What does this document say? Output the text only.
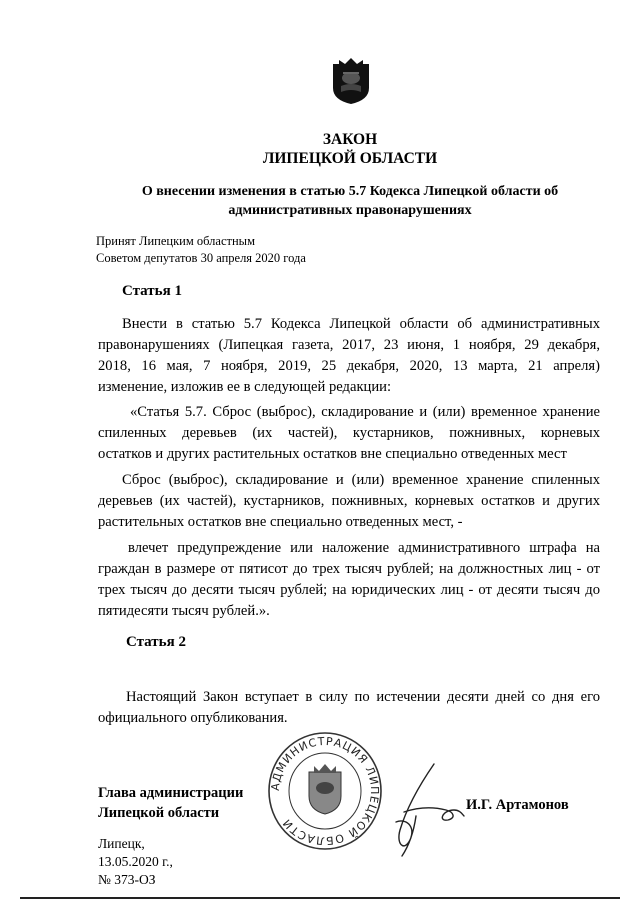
ЗАКОН
ЛИПЕЦКОЙ ОБЛАСТИ
О внесении изменения в статью 5.7 Кодекса Липецкой области об
административных правонарушениях
Принят Липецким областным
Советом депутатов 30 апреля 2020 года
Статья 1
Внести в статью 5.7 Кодекса Липецкой области об административных
правонарушениях (Липецкая газета, 2017, 23 июня, 1 ноября, 29 декабря,
2018, 16 мая, 7 ноября, 2019, 25 декабря, 2020, 13 марта, 21 апреля)
изменение, изложив ее в следующей редакции:
«Статья 5.7. Сброс (выброс), складирование и (или) временное хранение
спиленных деревьев (их частей), кустарников, пожнивных, корневых
остатков и других растительных остатков вне специально отведенных мест
Сброс (выброс), складирование и (или) временное хранение спиленных
деревьев (их частей), кустарников, пожнивных, корневых остатков и других
растительных остатков вне специально отведенных мест, -
влечет предупреждение или наложение административного штрафа на
граждан в размере от пятисот до трех тысяч рублей; на должностных лиц - от
трех тысяч до десяти тысяч рублей; на юридических лиц - от десяти тысяч до
пятидесяти тысяч рублей.».
Статья 2
Настоящий Закон вступает в силу по истечении десяти дней со дня его
официального опубликования.
Глава администрации
Липецкой области
АДМИНИСТРАЦИЯ ЛИПЕЦКОЙ ОБЛАСТИ
И.Г. Артамонов
Липецк,
13.05.2020 г.,
№ 373-ОЗ
